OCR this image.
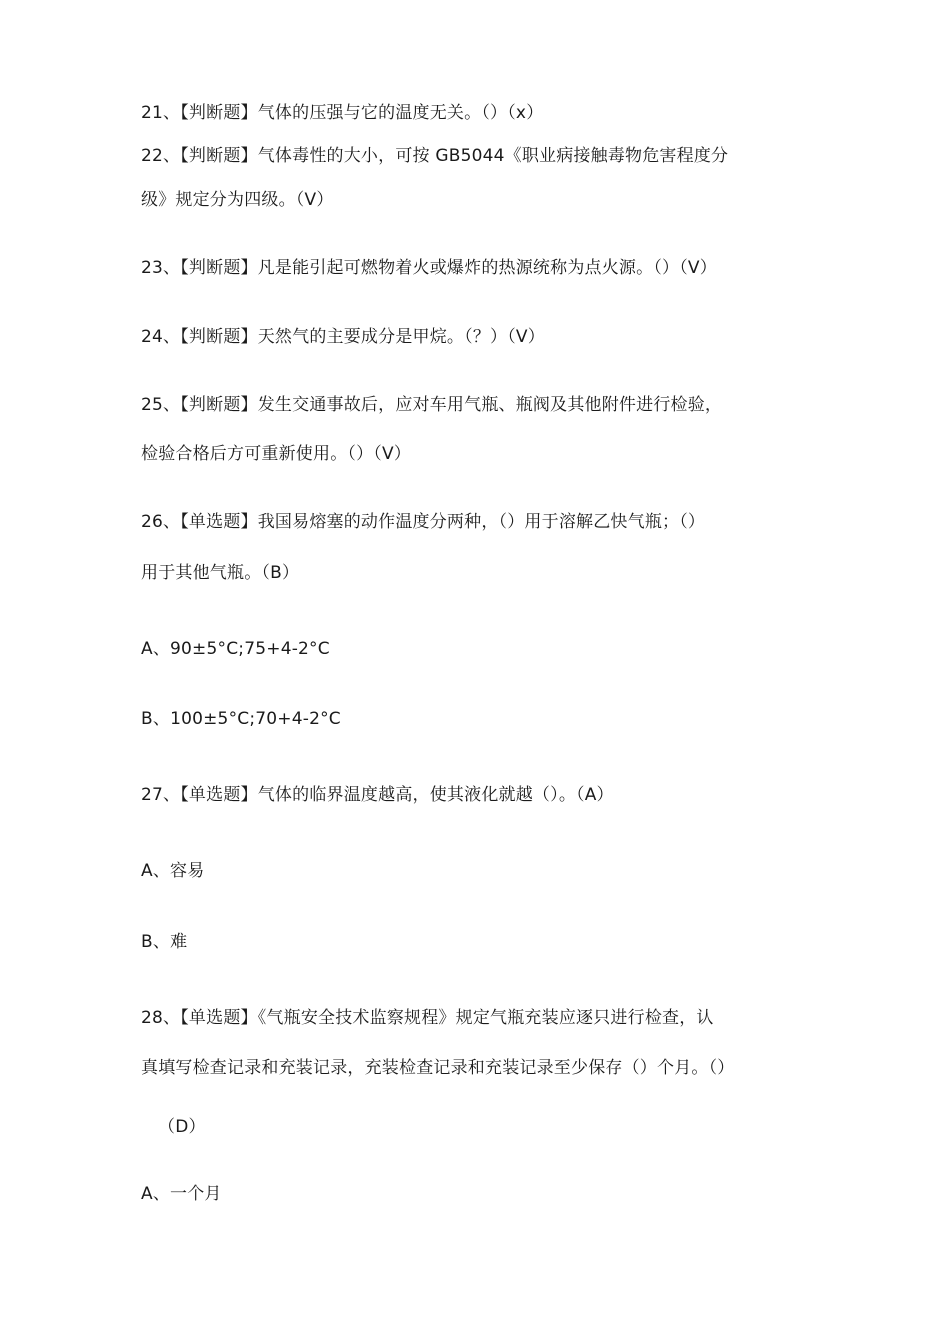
21、【判断题】气体的压强与它的温度无关。（）（x）
22、【判断题】气体毒性的大小，可按 GB5044《职业病接触毒物危害程度分
级》规定分为四级。（V）
23、【判断题】凡是能引起可燃物着火或爆炸的热源统称为点火源。（）（V）
24、【判断题】天然气的主要成分是甲烷。（？）（V）
25、【判断题】发生交通事故后，应对车用气瓶、瓶阀及其他附件进行检验，
检验合格后方可重新使用。（）（V）
26、【单选题】我国易熔塞的动作温度分两种，（）用于溶解乙快气瓶；（）
用于其他气瓶。（B）
A、90±5°C;75+4-2°C
B、100±5°C;70+4-2°C
27、【单选题】气体的临界温度越高，使其液化就越（）。（A）
A、容易
B、难
28、【单选题】《气瓶安全技术监察规程》规定气瓶充装应逐只进行检查，认
真填写检查记录和充装记录，充装检查记录和充装记录至少保存（）个月。（）
（D）
A、一个月
